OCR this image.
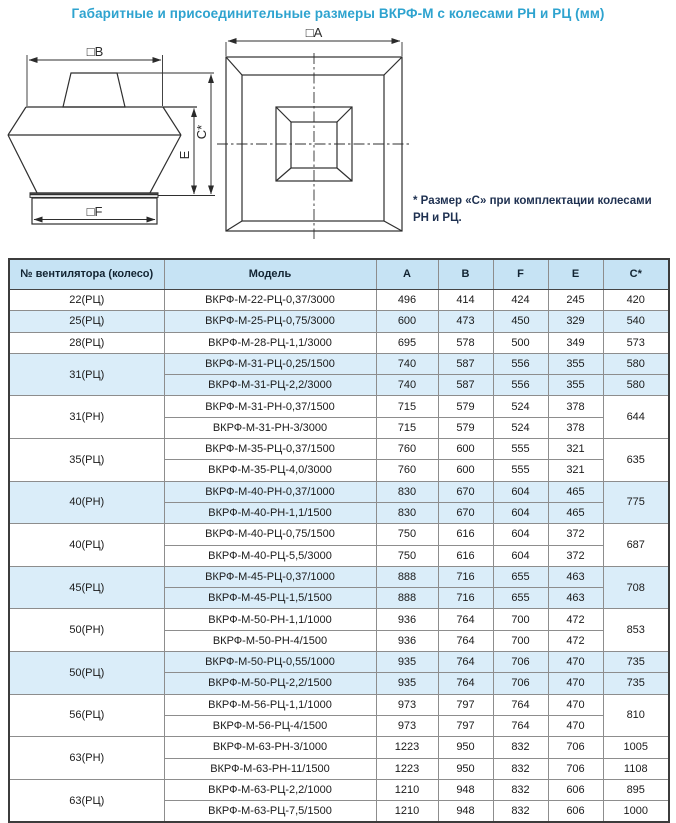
Габаритные и присоединительные размеры ВКРФ-М с колесами РН и РЦ (мм)
□B
□F
E
C*
□A
* Размер «С» при комплектации колесами РН и РЦ.
№ вентилятора (колесо)	Модель	A	B	F	E	C*
22(РЦ)	ВКРФ-М-22-РЦ-0,37/3000	496	414	424	245	420
25(РЦ)	ВКРФ-М-25-РЦ-0,75/3000	600	473	450	329	540
28(РЦ)	ВКРФ-М-28-РЦ-1,1/3000	695	578	500	349	573
31(РЦ)	ВКРФ-М-31-РЦ-0,25/1500	740	587	556	355	580
	ВКРФ-М-31-РЦ-2,2/3000	740	587	556	355	580
31(РН)	ВКРФ-М-31-РН-0,37/1500	715	579	524	378	644
	ВКРФ-М-31-РН-3/3000	715	579	524	378	
35(РЦ)	ВКРФ-М-35-РЦ-0,37/1500	760	600	555	321	635
	ВКРФ-М-35-РЦ-4,0/3000	760	600	555	321	
40(РН)	ВКРФ-М-40-РН-0,37/1000	830	670	604	465	775
	ВКРФ-М-40-РН-1,1/1500	830	670	604	465	
40(РЦ)	ВКРФ-М-40-РЦ-0,75/1500	750	616	604	372	687
	ВКРФ-М-40-РЦ-5,5/3000	750	616	604	372	
45(РЦ)	ВКРФ-М-45-РЦ-0,37/1000	888	716	655	463	708
	ВКРФ-М-45-РЦ-1,5/1500	888	716	655	463	
50(РН)	ВКРФ-М-50-РН-1,1/1000	936	764	700	472	853
	ВКРФ-М-50-РН-4/1500	936	764	700	472	
50(РЦ)	ВКРФ-М-50-РЦ-0,55/1000	935	764	706	470	735
	ВКРФ-М-50-РЦ-2,2/1500	935	764	706	470	735
56(РЦ)	ВКРФ-М-56-РЦ-1,1/1000	973	797	764	470	810
	ВКРФ-М-56-РЦ-4/1500	973	797	764	470	
63(РН)	ВКРФ-М-63-РН-3/1000	1223	950	832	706	1005
	ВКРФ-М-63-РН-11/1500	1223	950	832	706	1108
63(РЦ)	ВКРФ-М-63-РЦ-2,2/1000	1210	948	832	606	895
	ВКРФ-М-63-РЦ-7,5/1500	1210	948	832	606	1000
